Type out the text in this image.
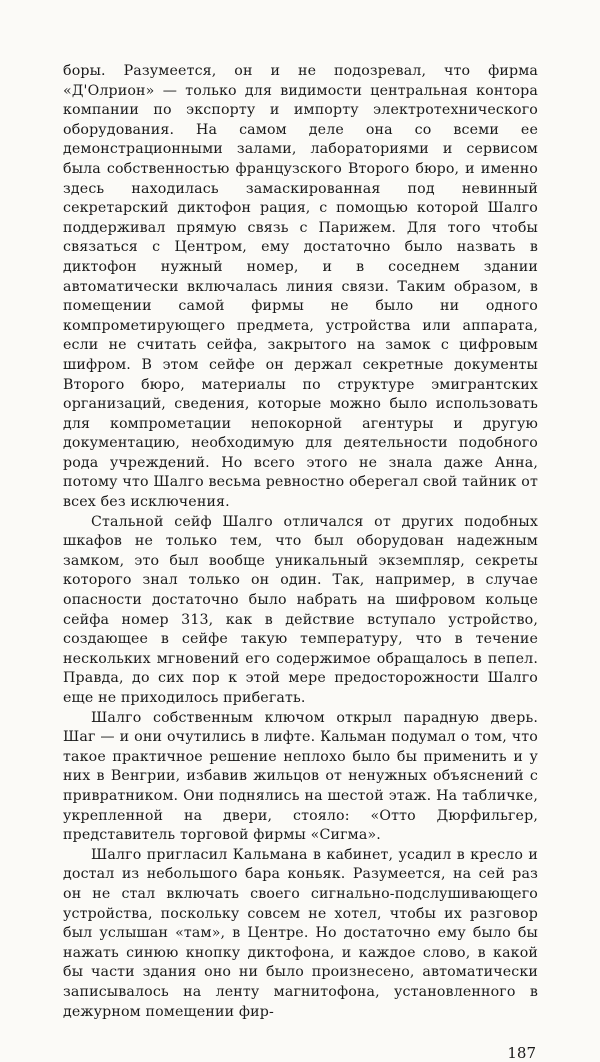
боры. Разумеется, он и не подозревал, что фирма «Д'Олрион» — только для видимости центральная контора компании по экспорту и импорту электротехнического оборудования. На самом деле она со всеми ее демонстрационными залами, лабораториями и сервисом была собственностью французского Второго бюро, и именно здесь находилась замаскированная под невинный секретарский диктофон рация, с помощью которой Шалго поддерживал прямую связь с Парижем. Для того чтобы связаться с Центром, ему достаточно было назвать в диктофон нужный номер, и в соседнем здании автоматически включалась линия связи. Таким образом, в помещении самой фирмы не было ни одного компрометирующего предмета, устройства или аппарата, если не считать сейфа, закрытого на замок с цифровым шифром. В этом сейфе он держал секретные документы Второго бюро, материалы по структуре эмигрантских организаций, сведения, которые можно было использовать для компрометации непокорной агентуры и другую документацию, необходимую для деятельности подобного рода учреждений. Но всего этого не знала даже Анна, потому что Шалго весьма ревностно оберегал свой тайник от всех без исключения.

Стальной сейф Шалго отличался от других подобных шкафов не только тем, что был оборудован надежным замком, это был вообще уникальный экземпляр, секреты которого знал только он один. Так, например, в случае опасности достаточно было набрать на шифровом кольце сейфа номер 313, как в действие вступало устройство, создающее в сейфе такую температуру, что в течение нескольких мгновений его содержимое обращалось в пепел. Правда, до сих пор к этой мере предосторожности Шалго еще не приходилось прибегать.

Шалго собственным ключом открыл парадную дверь. Шаг — и они очутились в лифте. Кальман подумал о том, что такое практичное решение неплохо было бы применить и у них в Венгрии, избавив жильцов от ненужных объяснений с привратником. Они поднялись на шестой этаж. На табличке, укрепленной на двери, стояло: «Отто Дюрфильгер, представитель торговой фирмы «Сигма».

Шалго пригласил Кальмана в кабинет, усадил в кресло и достал из небольшого бара коньяк. Разумеется, на сей раз он не стал включать своего сигнально-подслушивающего устройства, поскольку совсем не хотел, чтобы их разговор был услышан «там», в Центре. Но достаточно ему было бы нажать синюю кнопку диктофона, и каждое слово, в какой бы части здания оно ни было произнесено, автоматически записывалось на ленту магнитофона, установленного в дежурном помещении фир-

187
